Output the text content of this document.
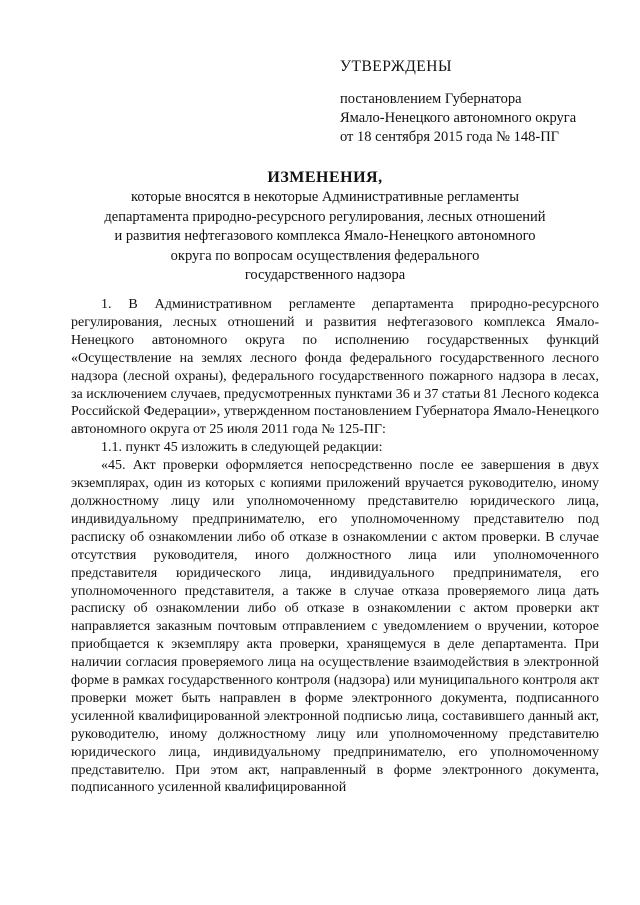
УТВЕРЖДЕНЫ
постановлением Губернатора
Ямало-Ненецкого автономного округа
от 18 сентября 2015 года № 148-ПГ
ИЗМЕНЕНИЯ,
которые вносятся в некоторые Административные регламенты
департамента природно-ресурсного регулирования, лесных отношений
и развития нефтегазового комплекса Ямало-Ненецкого автономного
округа по вопросам осуществления федерального
государственного надзора

1. В Административном регламенте департамента природно-ресурсного регулирования, лесных отношений и развития нефтегазового комплекса Ямало-Ненецкого автономного округа по исполнению государственных функций «Осуществление на землях лесного фонда федерального государственного лесного надзора (лесной охраны), федерального государственного пожарного надзора в лесах, за исключением случаев, предусмотренных пунктами 36 и 37 статьи 81 Лесного кодекса Российской Федерации», утвержденном постановлением Губернатора Ямало-Ненецкого автономного округа от 25 июля 2011 года № 125-ПГ:

1.1. пункт 45 изложить в следующей редакции:

«45. Акт проверки оформляется непосредственно после ее завершения в двух экземплярах, один из которых с копиями приложений вручается руководителю, иному должностному лицу или уполномоченному представителю юридического лица, индивидуальному предпринимателю, его уполномоченному представителю под расписку об ознакомлении либо об отказе в ознакомлении с актом проверки. В случае отсутствия руководителя, иного должностного лица или уполномоченного представителя юридического лица, индивидуального предпринимателя, его уполномоченного представителя, а также в случае отказа проверяемого лица дать расписку об ознакомлении либо об отказе в ознакомлении с актом проверки акт направляется заказным почтовым отправлением с уведомлением о вручении, которое приобщается к экземпляру акта проверки, хранящемуся в деле департамента. При наличии согласия проверяемого лица на осуществление взаимодействия в электронной форме в рамках государственного контроля (надзора) или муниципального контроля акт проверки может быть направлен в форме электронного документа, подписанного усиленной квалифицированной электронной подписью лица, составившего данный акт, руководителю, иному должностному лицу или уполномоченному представителю юридического лица, индивидуальному предпринимателю, его уполномоченному представителю. При этом акт, направленный в форме электронного документа, подписанного усиленной квалифицированной
